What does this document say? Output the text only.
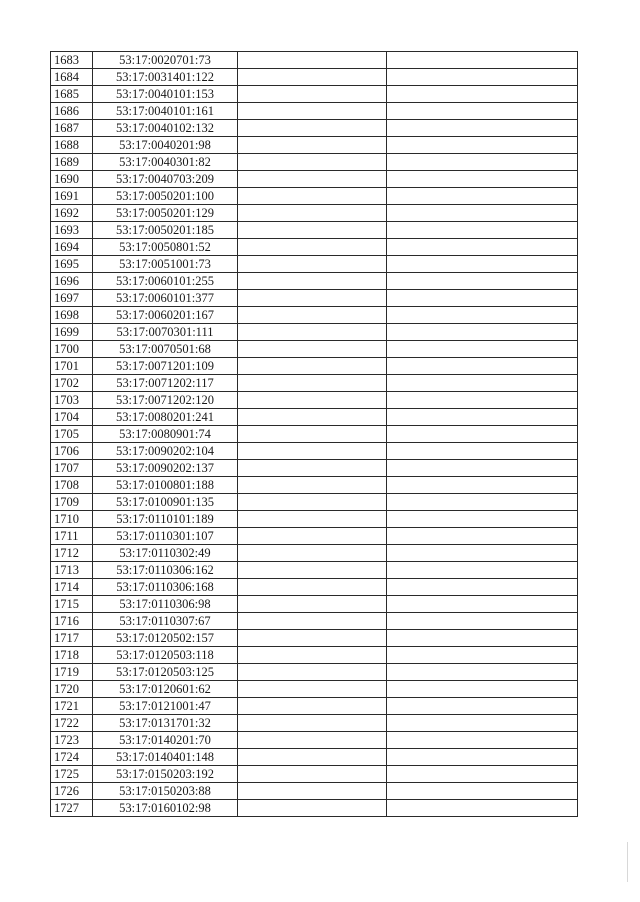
1683	53:17:0020701:73		
1684	53:17:0031401:122		
1685	53:17:0040101:153		
1686	53:17:0040101:161		
1687	53:17:0040102:132		
1688	53:17:0040201:98		
1689	53:17:0040301:82		
1690	53:17:0040703:209		
1691	53:17:0050201:100		
1692	53:17:0050201:129		
1693	53:17:0050201:185		
1694	53:17:0050801:52		
1695	53:17:0051001:73		
1696	53:17:0060101:255		
1697	53:17:0060101:377		
1698	53:17:0060201:167		
1699	53:17:0070301:111		
1700	53:17:0070501:68		
1701	53:17:0071201:109		
1702	53:17:0071202:117		
1703	53:17:0071202:120		
1704	53:17:0080201:241		
1705	53:17:0080901:74		
1706	53:17:0090202:104		
1707	53:17:0090202:137		
1708	53:17:0100801:188		
1709	53:17:0100901:135		
1710	53:17:0110101:189		
1711	53:17:0110301:107		
1712	53:17:0110302:49		
1713	53:17:0110306:162		
1714	53:17:0110306:168		
1715	53:17:0110306:98		
1716	53:17:0110307:67		
1717	53:17:0120502:157		
1718	53:17:0120503:118		
1719	53:17:0120503:125		
1720	53:17:0120601:62		
1721	53:17:0121001:47		
1722	53:17:0131701:32		
1723	53:17:0140201:70		
1724	53:17:0140401:148		
1725	53:17:0150203:192		
1726	53:17:0150203:88		
1727	53:17:0160102:98		
